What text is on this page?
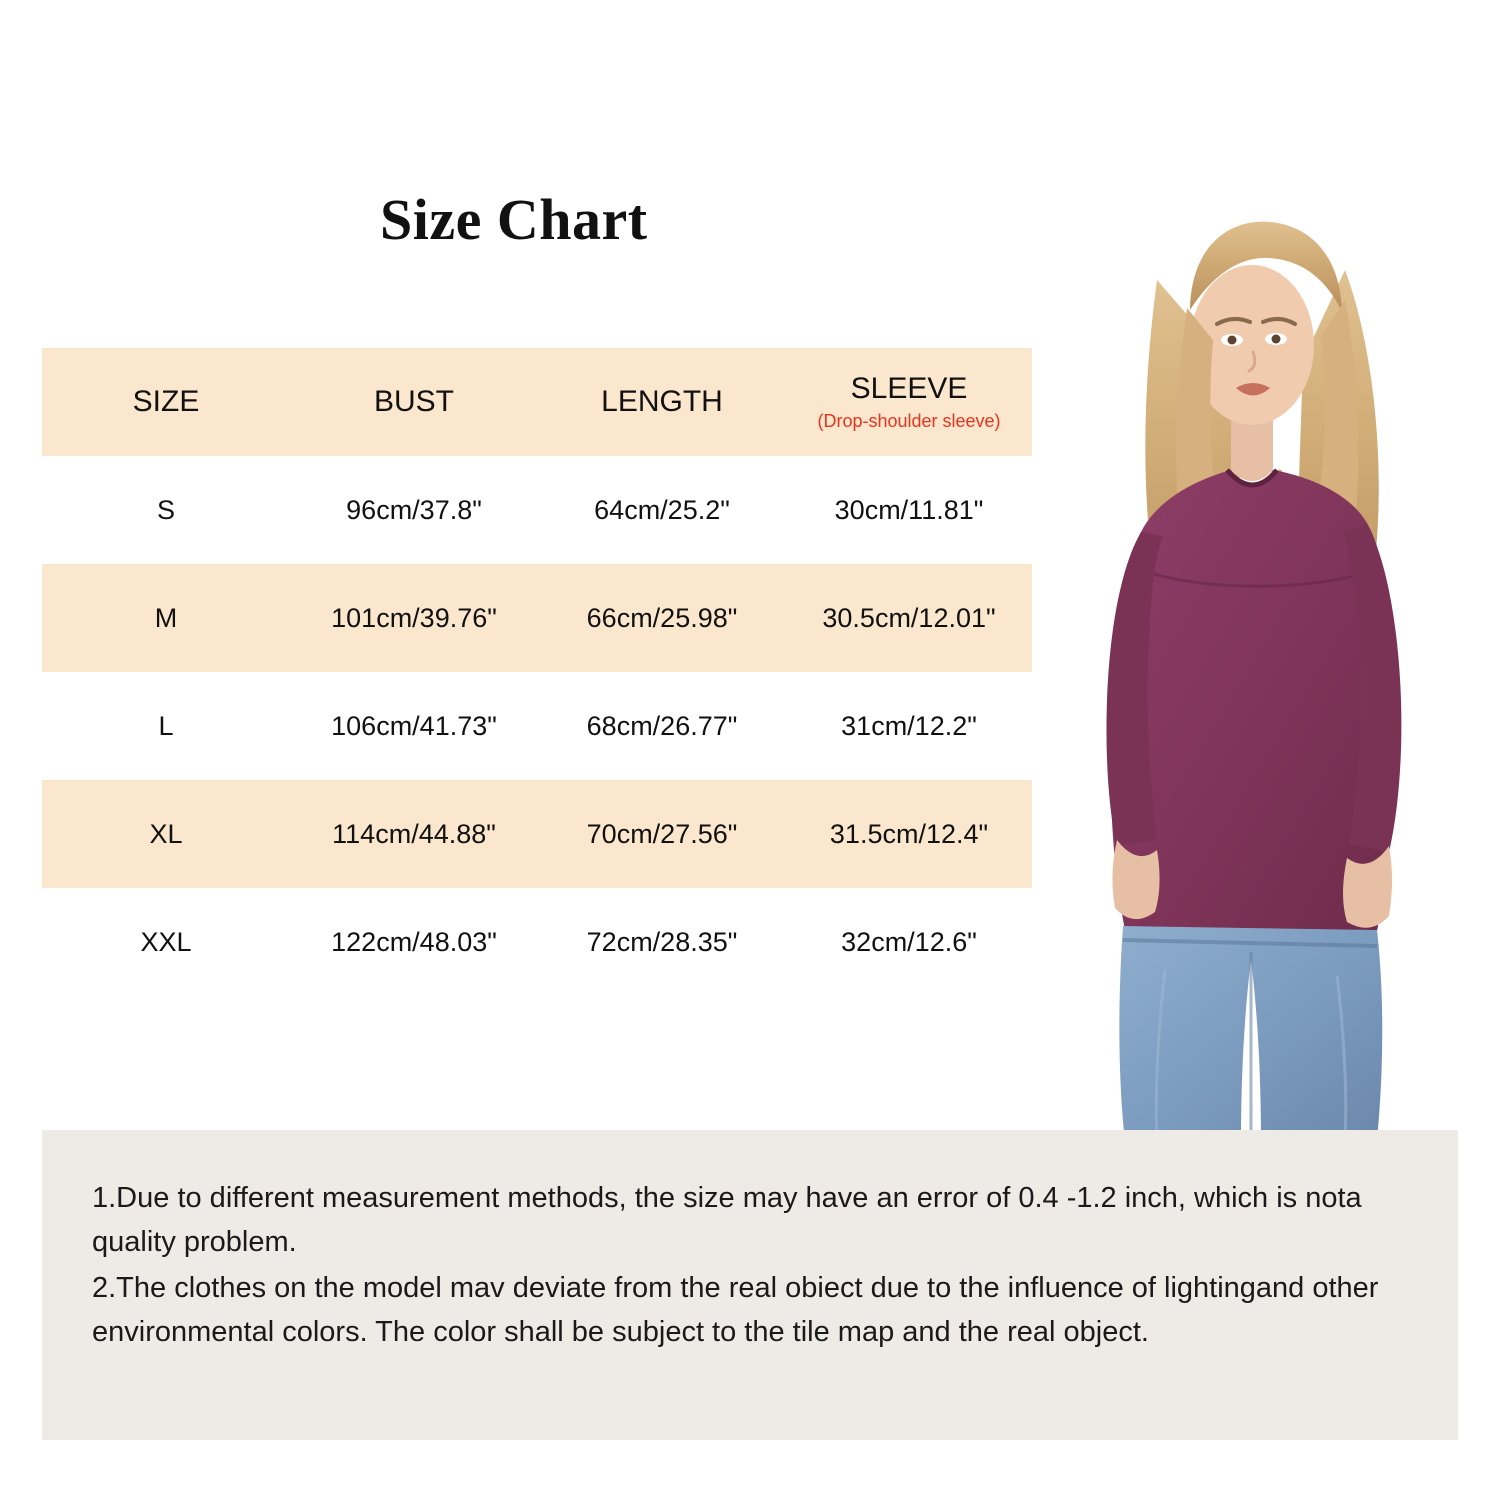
Size Chart
SIZE	BUST	LENGTH	SLEEVE
(Drop-shoulder sleeve)

S	96cm/37.8"	64cm/25.2"	30cm/11.81"
M	101cm/39.76"	66cm/25.98"	30.5cm/12.01"
L	106cm/41.73"	68cm/26.77"	31cm/12.2"
XL	114cm/44.88"	70cm/27.56"	31.5cm/12.4"
XXL	122cm/48.03"	72cm/28.35"	32cm/12.6"

1.Due to different measurement methods, the size may have an error of 0.4 -1.2 inch, which is nota quality problem.

2.The clothes on the model mav deviate from the real obiect due to the influence of lightingand other environmental colors. The color shall be subject to the tile map and the real object.
